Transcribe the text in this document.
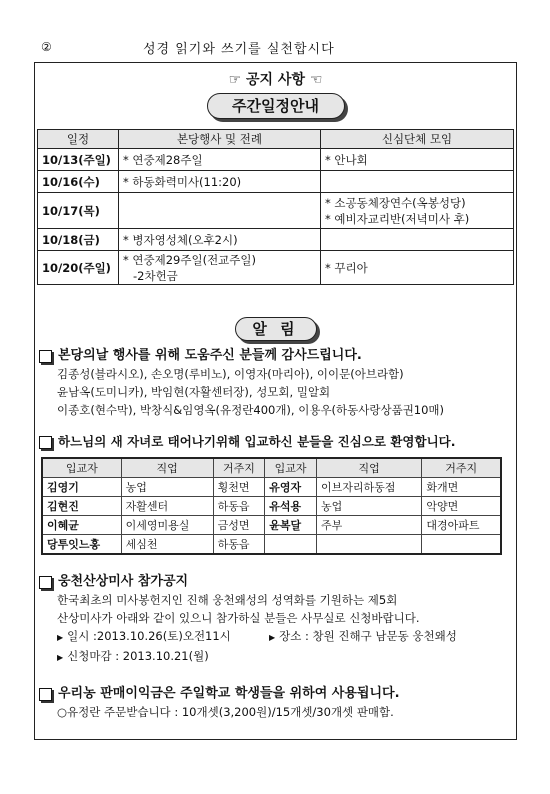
②	성경 읽기와 쓰기를 실천합시다
☞ 공지 사항 ☜
주간일정안내
일정	본당행사 및 전례	신심단체 모임
10/13(주일)	* 연중제28주일	* 안나회

10/16(수)	* 하동화력미사(11:20)	

10/17(목)		* 소공동체장연수(옥봉성당)
* 예비자교리반(저녁미사 후)

10/18(금)	* 병자영성체(오후2시)	

10/20(주일)	* 연중제29주일(전교주일)
-2차헌금	* 꾸리아
알 림
본당의날 행사를 위해 도움주신 분들께 감사드립니다.
김종성(블라시오), 손오명(루비노), 이영자(마리아), 이이문(아브라함)
윤남옥(도미니카), 박임현(자활센터장), 성모회, 밀알회
이종호(현수막), 박창식&임영옥(유정란400개), 이용우(하동사랑상품권10매)
하느님의 새 자녀로 태어나기위해 입교하신 분들을 진심으로 환영합니다.
입교자	직업	거주지	입교자	직업	거주지
김영기	농업	횡천면	유영자	이브자리하동점	화개면
김현진	자활센터	하동읍	유석용	농업	악양면
이혜균	이세영미용실	금성면	윤복달	주부	대경아파트
당투잇느홍	세심천	하동읍			
웅천산상미사 참가공지
한국최초의 미사봉헌지인 진해 웅천왜성의 성역화를 기원하는 제5회
산상미사가 아래와 같이 있으니 참가하실 분들은 사무실로 신청바랍니다.
▶ 일시 :2013.10.26(토)오전11시	▶ 장소 : 창원 진해구 남문동 웅천왜성
▶ 신청마감 : 2013.10.21(월)
우리농 판매이익금은 주일학교 학생들을 위하여 사용됩니다.
○유정란 주문받습니다 : 10개셋(3,200원)/15개셋/30개셋 판매함.
